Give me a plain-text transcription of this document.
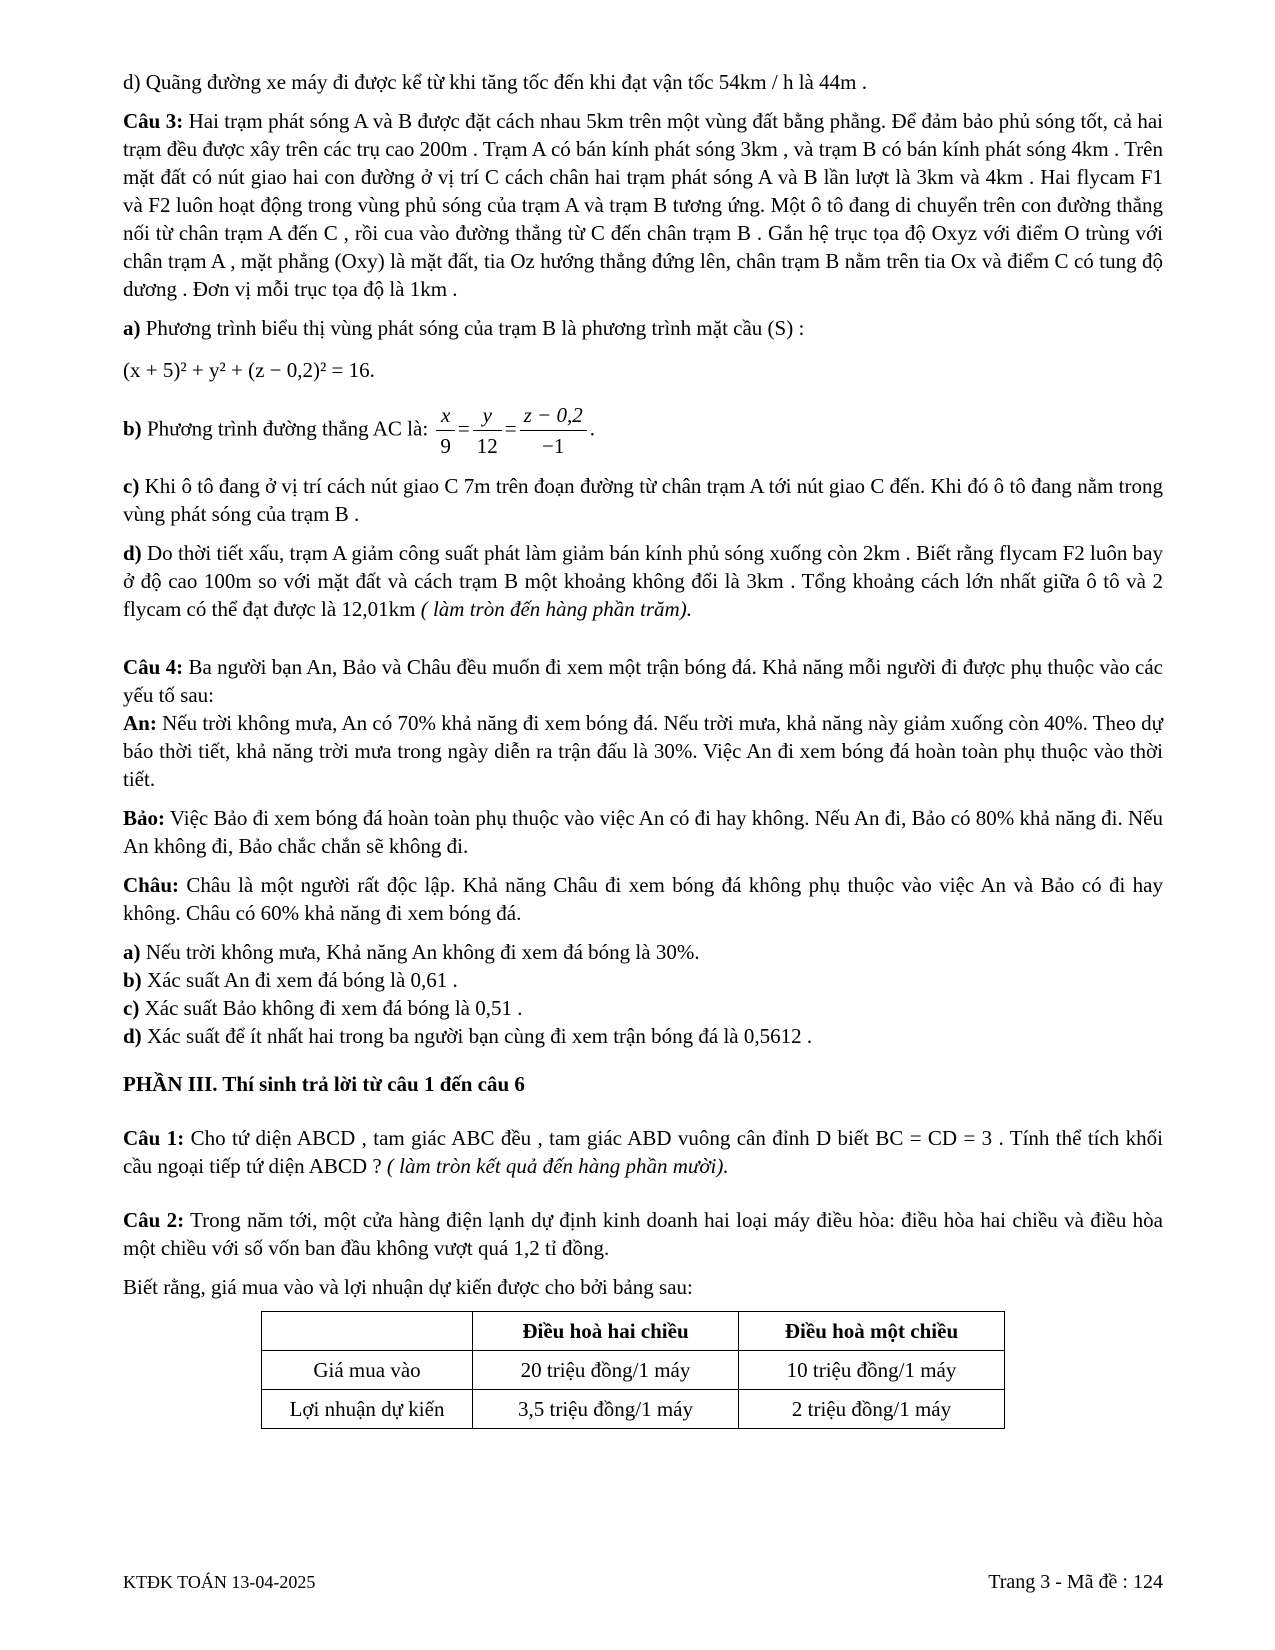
d) Quãng đường xe máy đi được kể từ khi tăng tốc đến khi đạt vận tốc 54km / h là 44m .

Câu 3: Hai trạm phát sóng A và B được đặt cách nhau 5km trên một vùng đất bằng phẳng. Để đảm bảo phủ sóng tốt, cả hai trạm đều được xây trên các trụ cao 200m . Trạm A có bán kính phát sóng 3km , và trạm B có bán kính phát sóng 4km . Trên mặt đất có nút giao hai con đường ở vị trí C cách chân hai trạm phát sóng A và B lần lượt là 3km và 4km . Hai flycam F1 và F2 luôn hoạt động trong vùng phủ sóng của trạm A và trạm B tương ứng. Một ô tô đang di chuyển trên con đường thẳng nối từ chân trạm A đến C , rồi cua vào đường thẳng từ C đến chân trạm B . Gắn hệ trục tọa độ Oxyz với điểm O trùng với chân trạm A , mặt phẳng (Oxy) là mặt đất, tia Oz hướng thẳng đứng lên, chân trạm B nằm trên tia Ox và điểm C có tung độ dương . Đơn vị mỗi trục tọa độ là 1km .
a) Phương trình biểu thị vùng phát sóng của trạm B là phương trình mặt cầu (S) :
(x + 5)² + y² + (z − 0,2)² = 16.
b) Phương trình đường thẳng AC là: $\frac{x}{9} = \frac{y}{12} = \frac{z - 0,2}{-1}$ .
c) Khi ô tô đang ở vị trí cách nút giao C 7m trên đoạn đường từ chân trạm A tới nút giao C đến. Khi đó ô tô đang nằm trong vùng phát sóng của trạm B .
d) Do thời tiết xấu, trạm A giảm công suất phát làm giảm bán kính phủ sóng xuống còn 2km . Biết rằng flycam F2 luôn bay ở độ cao 100m so với mặt đất và cách trạm B một khoảng không đổi là 3km . Tổng khoảng cách lớn nhất giữa ô tô và 2 flycam có thể đạt được là 12,01km ( làm tròn đến hàng phần trăm).
Câu 4: Ba người bạn An, Bảo và Châu đều muốn đi xem một trận bóng đá. Khả năng mỗi người đi được phụ thuộc vào các yếu tố sau:
An: Nếu trời không mưa, An có 70% khả năng đi xem bóng đá. Nếu trời mưa, khả năng này giảm xuống còn 40%. Theo dự báo thời tiết, khả năng trời mưa trong ngày diễn ra trận đấu là 30%. Việc An đi xem bóng đá hoàn toàn phụ thuộc vào thời tiết.
Bảo: Việc Bảo đi xem bóng đá hoàn toàn phụ thuộc vào việc An có đi hay không. Nếu An đi, Bảo có 80% khả năng đi. Nếu An không đi, Bảo chắc chắn sẽ không đi.
Châu: Châu là một người rất độc lập. Khả năng Châu đi xem bóng đá không phụ thuộc vào việc An và Bảo có đi hay không. Châu có 60% khả năng đi xem bóng đá.
a) Nếu trời không mưa, Khả năng An không đi xem đá bóng là 30%.
b) Xác suất An đi xem đá bóng là 0,61 .
c) Xác suất Bảo không đi xem đá bóng là 0,51 .
d) Xác suất để ít nhất hai trong ba người bạn cùng đi xem trận bóng đá là 0,5612 .

PHẦN III. Thí sinh trả lời từ câu 1 đến câu 6

Câu 1: Cho tứ diện ABCD , tam giác ABC đều , tam giác ABD vuông cân đỉnh D biết BC = CD = 3 . Tính thể tích khối cầu ngoại tiếp tứ diện ABCD ? ( làm tròn kết quả đến hàng phần mười).
Câu 2: Trong năm tới, một cửa hàng điện lạnh dự định kinh doanh hai loại máy điều hòa: điều hòa hai chiều và điều hòa một chiều với số vốn ban đầu không vượt quá 1,2 tỉ đồng.

Biết rằng, giá mua vào và lợi nhuận dự kiến được cho bởi bảng sau:

	Điều hoà hai chiều	Điều hoà một chiều
Giá mua vào	20 triệu đồng/1 máy	10 triệu đồng/1 máy
Lợi nhuận dự kiến	3,5 triệu đồng/1 máy	2 triệu đồng/1 máy
KTĐK TOÁN 13-04-2025	Trang 3 - Mã đề : 124
